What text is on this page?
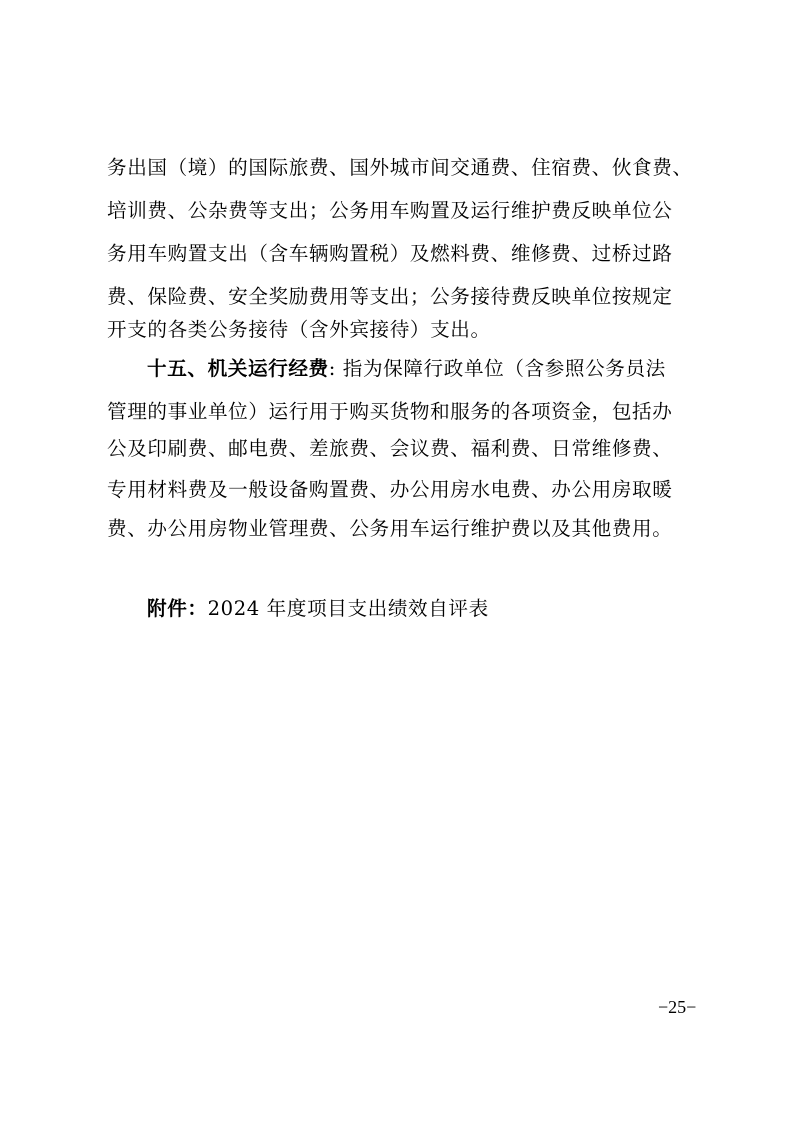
务出国（境）的国际旅费、国外城市间交通费、住宿费、伙食费、
培训费、公杂费等支出；公务用车购置及运行维护费反映单位公
务用车购置支出（含车辆购置税）及燃料费、维修费、过桥过路
费、保险费、安全奖励费用等支出；公务接待费反映单位按规定
开支的各类公务接待（含外宾接待）支出。
十五、机关运行经费: 指为保障行政单位（含参照公务员法
管理的事业单位）运行用于购买货物和服务的各项资金，包括办
公及印刷费、邮电费、差旅费、会议费、福利费、日常维修费、
专用材料费及一般设备购置费、办公用房水电费、办公用房取暖
费、办公用房物业管理费、公务用车运行维护费以及其他费用。
附件：2024 年度项目支出绩效自评表
−25−
